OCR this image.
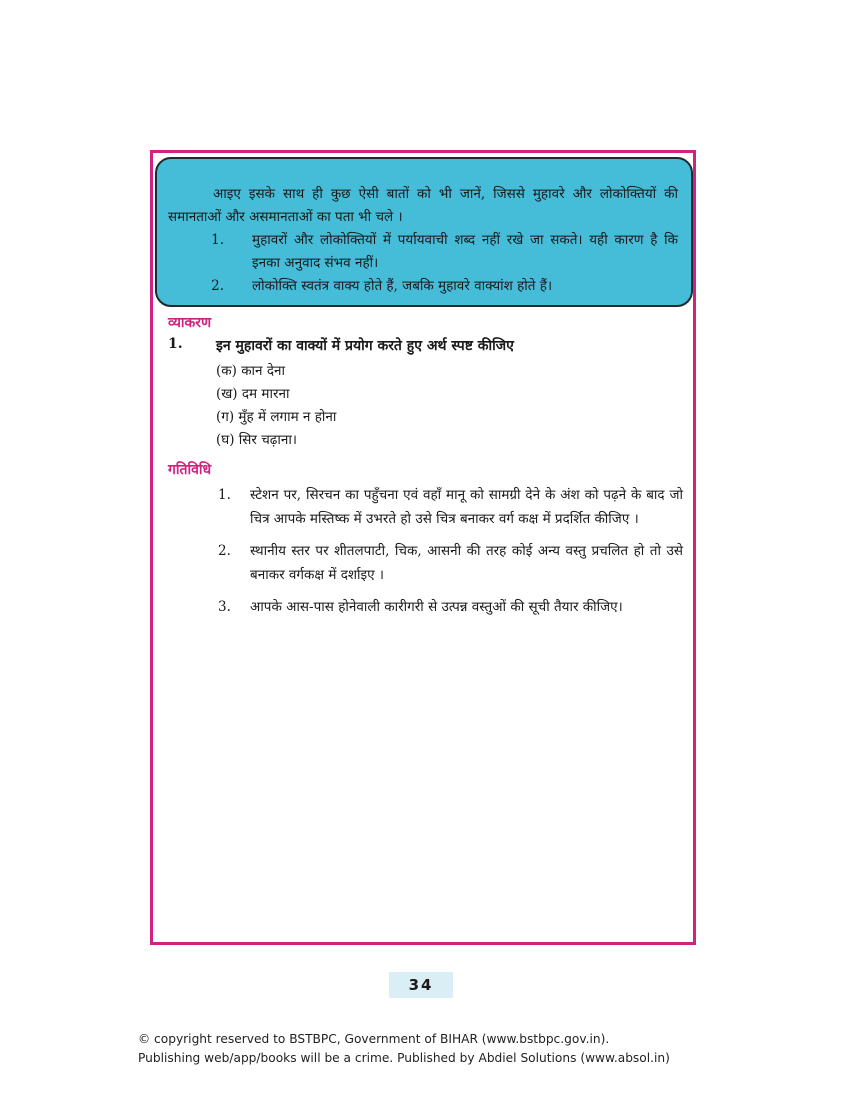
आइए इसके साथ ही कुछ ऐसी बातों को भी जानें, जिससे मुहावरे और लोकोक्तियों की समानताओं और असमानताओं का पता भी चले ।
1.	मुहावरों और लोकोक्तियों में पर्यायवाची शब्द नहीं रखे जा सकते। यही कारण है कि इनका अनुवाद संभव नहीं।
2.	लोकोक्ति स्वतंत्र वाक्य होते हैं, जबकि मुहावरे वाक्यांश होते हैं।
व्याकरण
1.	इन मुहावरों का वाक्यों में प्रयोग करते हुए अर्थ स्पष्ट कीजिए
(क) कान देना
(ख) दम मारना
(ग) मुँह में लगाम न होना
(घ) सिर चढ़ाना।
गतिविधि
1.	स्टेशन पर, सिरचन का पहुँचना एवं वहाँ मानू को सामग्री देने के अंश को पढ़ने के बाद जो चित्र आपके मस्तिष्क में उभरते हो उसे चित्र बनाकर वर्ग कक्ष में प्रदर्शित कीजिए ।
2.	स्थानीय स्तर पर शीतलपाटी, चिक, आसनी की तरह कोई अन्य वस्तु प्रचलित हो तो उसे बनाकर वर्गकक्ष में दर्शाइए ।
3.	आपके आस-पास होनेवाली कारीगरी से उत्पन्न वस्तुओं की सूची तैयार कीजिए।
34
© copyright reserved to BSTBPC, Government of BIHAR (www.bstbpc.gov.in).
Publishing web/app/books will be a crime. Published by Abdiel Solutions (www.absol.in)
